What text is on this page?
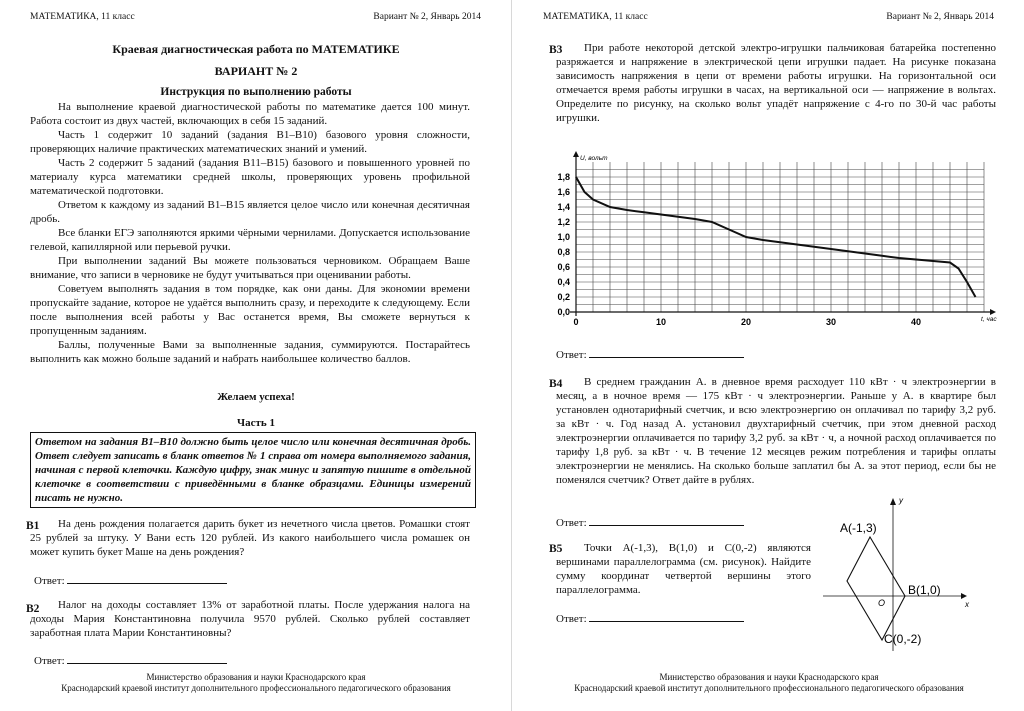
МАТЕМАТИКА, 11 класс	Вариант № 2, Январь 2014
Краевая диагностическая работа по МАТЕМАТИКЕ
ВАРИАНТ № 2
Инструкция по выполнению работы
На выполнение краевой диагностической работы по математике дается 100 минут. Работа состоит из двух частей, включающих в себя 15 заданий.
Часть 1 содержит 10 заданий (задания B1–B10) базового уровня сложности, проверяющих наличие практических математических знаний и умений.
Часть 2 содержит 5 заданий (задания B11–B15) базового и повышенного уровней по материалу курса математики средней школы, проверяющих уровень профильной математической подготовки.
Ответом к каждому из заданий B1–B15 является целое число или конечная десятичная дробь.
Все бланки ЕГЭ заполняются яркими чёрными чернилами. Допускается использование гелевой, капиллярной или перьевой ручки.
При выполнении заданий Вы можете пользоваться черновиком. Обращаем Ваше внимание, что записи в черновике не будут учитываться при оценивании работы.
Советуем выполнять задания в том порядке, как они даны. Для экономии времени пропускайте задание, которое не удаётся выполнить сразу, и переходите к следующему. Если после выполнения всей работы у Вас останется время, Вы сможете вернуться к пропущенным заданиям.
Баллы, полученные Вами за выполненные задания, суммируются. Постарайтесь выполнить как можно больше заданий и набрать наибольшее количество баллов.
Желаем успеха!
Часть 1
Ответом на задания B1–B10 должно быть целое число или конечная десятичная дробь. Ответ следует записать в бланк ответов № 1 справа от номера выполняемого задания, начиная с первой клеточки. Каждую цифру, знак минус и запятую пишите в отдельной клеточке в соответствии с приведёнными в бланке образцами. Единицы измерений писать не нужно.
B1	На день рождения полагается дарить букет из нечетного числа цветов. Ромашки стоят 25 рублей за штуку. У Вани есть 120 рублей. Из какого наибольшего числа ромашек он может купить букет Маше на день рождения?
Ответ:
B2	Налог на доходы составляет 13% от заработной платы. После удержания налога на доходы Мария Константиновна получила 9570 рублей. Сколько рублей составляет заработная плата Марии Константиновны?
Ответ:
Министерство образования и науки Краснодарского края
Краснодарский краевой институт дополнительного профессионального педагогического образования
МАТЕМАТИКА, 11 класс	Вариант № 2, Январь 2014
B3	При работе некоторой детской электро-игрушки пальчиковая батарейка постепенно разряжается и напряжение в электрической цепи игрушки падает. На рисунке показана зависимость напряжения в цепи от времени работы игрушки. На горизонтальной оси отмечается время работы игрушки в часах, на вертикальной оси — напряжение в вольтах. Определите по рисунку, на сколько вольт упадёт напряжение с 4-го по 30-й час работы игрушки.
0,0
0,2
0,4
0,6
0,8
1,0
1,2
1,4
1,6
1,8
0	10	20	30	40
U, вольт
t, час
Ответ:
B4	В среднем гражданин А. в дневное время расходует 110 кВт · ч электроэнергии в месяц, а в ночное время — 175 кВт · ч электроэнергии. Раньше у А. в квартире был установлен однотарифный счетчик, и всю электроэнергию он оплачивал по тарифу 3,2 руб. за кВт · ч. Год назад А. установил двухтарифный счетчик, при этом дневной расход электроэнергии оплачивается по тарифу 3,2 руб. за кВт · ч, а ночной расход оплачивается по тарифу 1,8 руб. за кВт · ч. В течение 12 месяцев режим потребления и тарифы оплаты электроэнергии не менялись. На сколько больше заплатил бы А. за этот период, если бы не поменялся счетчик? Ответ дайте в рублях.
Ответ:
B5	Точки A(-1,3), B(1,0) и C(0,-2) являются вершинами параллелограмма (см. рисунок). Найдите сумму координат четвертой вершины этого параллелограмма.
Ответ:
y
x
O
A(-1,3)
B(1,0)
C(0,-2)
Министерство образования и науки Краснодарского края
Краснодарский краевой институт дополнительного профессионального педагогического образования
